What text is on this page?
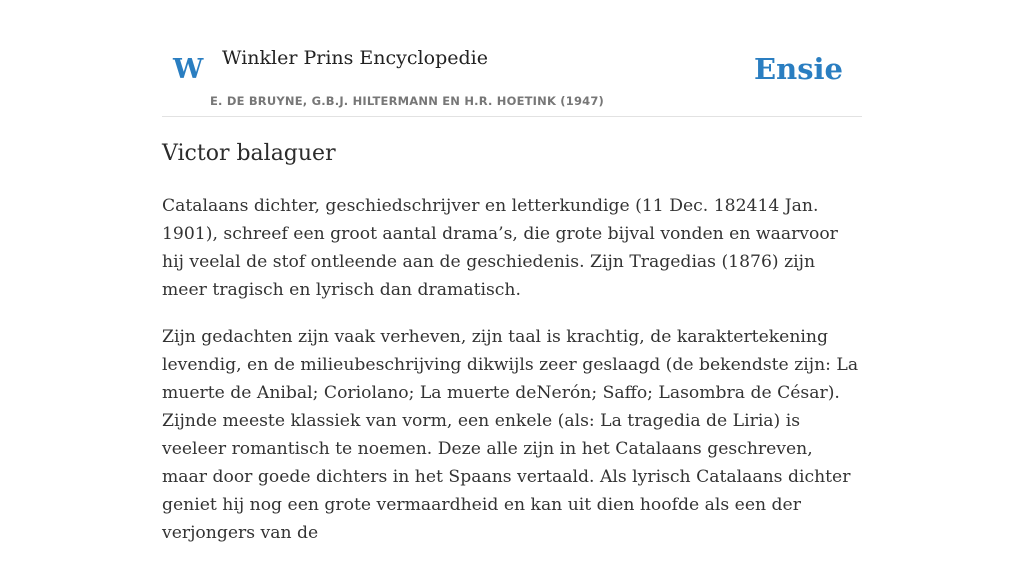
W Winkler Prins Encyclopedie
E. DE BRUYNE, G.B.J. HILTERMANN EN H.R. HOETINK (1947)
Ensie
Victor balaguer

Catalaans dichter, geschiedschrijver en letterkundige (11 Dec. 182414 Jan. 1901), schreef een groot aantal drama’s, die grote bijval vonden en waarvoor hij veelal de stof ontleende aan de geschiedenis. Zijn Tragedias (1876) zijn meer tragisch en lyrisch dan dramatisch.

Zijn gedachten zijn vaak verheven, zijn taal is krachtig, de karaktertekening levendig, en de milieubeschrijving dikwijls zeer geslaagd (de bekendste zijn: La muerte de Anibal; Coriolano; La muerte deNerón; Saffo; Lasombra de César). Zijnde meeste klassiek van vorm, een enkele (als: La tragedia de Liria) is veeleer romantisch te noemen. Deze alle zijn in het Catalaans geschreven, maar door goede dichters in het Spaans vertaald. Als lyrisch Catalaans dichter geniet hij nog een grote vermaardheid en kan uit dien hoofde als een der verjongers van de
